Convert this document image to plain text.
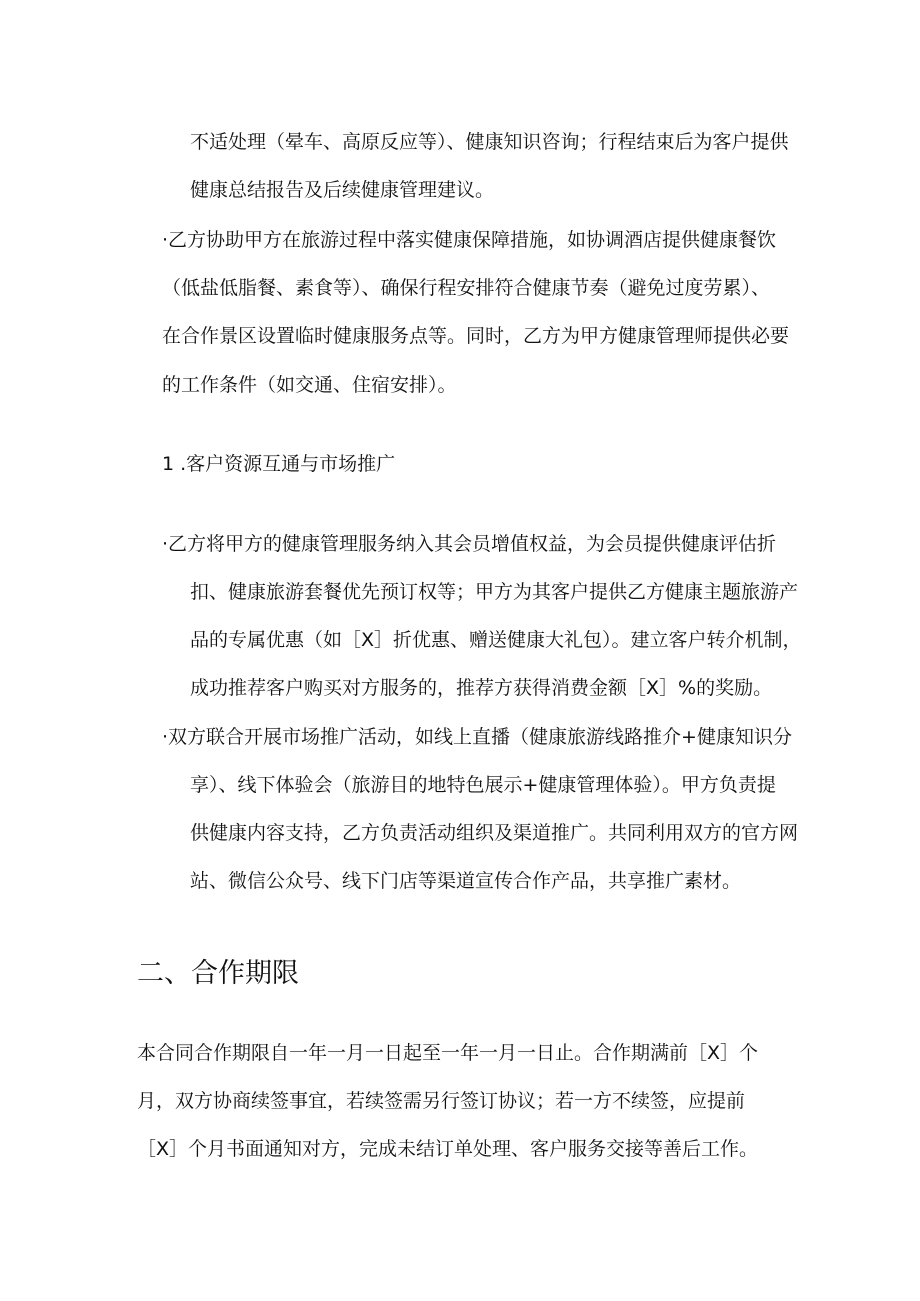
不适处理（晕车、高原反应等）、健康知识咨询；行程结束后为客户提供
健康总结报告及后续健康管理建议。
·乙方协助甲方在旅游过程中落实健康保障措施，如协调酒店提供健康餐饮
（低盐低脂餐、素食等）、确保行程安排符合健康节奏（避免过度劳累）、
在合作景区设置临时健康服务点等。同时，乙方为甲方健康管理师提供必要
的工作条件（如交通、住宿安排）。
1 .客户资源互通与市场推广
·乙方将甲方的健康管理服务纳入其会员增值权益，为会员提供健康评估折
扣、健康旅游套餐优先预订权等；甲方为其客户提供乙方健康主题旅游产
品的专属优惠（如［X］折优惠、赠送健康大礼包）。建立客户转介机制，
成功推荐客户购买对方服务的，推荐方获得消费金额［X］%的奖励。
·双方联合开展市场推广活动，如线上直播（健康旅游线路推介+健康知识分
享）、线下体验会（旅游目的地特色展示+健康管理体验）。甲方负责提
供健康内容支持，乙方负责活动组织及渠道推广。共同利用双方的官方网
站、微信公众号、线下门店等渠道宣传合作产品，共享推广素材。
二、合作期限
本合同合作期限自一年一月一日起至一年一月一日止。合作期满前［X］个
月，双方协商续签事宜，若续签需另行签订协议；若一方不续签，应提前
［X］个月书面通知对方，完成未结订单处理、客户服务交接等善后工作。
